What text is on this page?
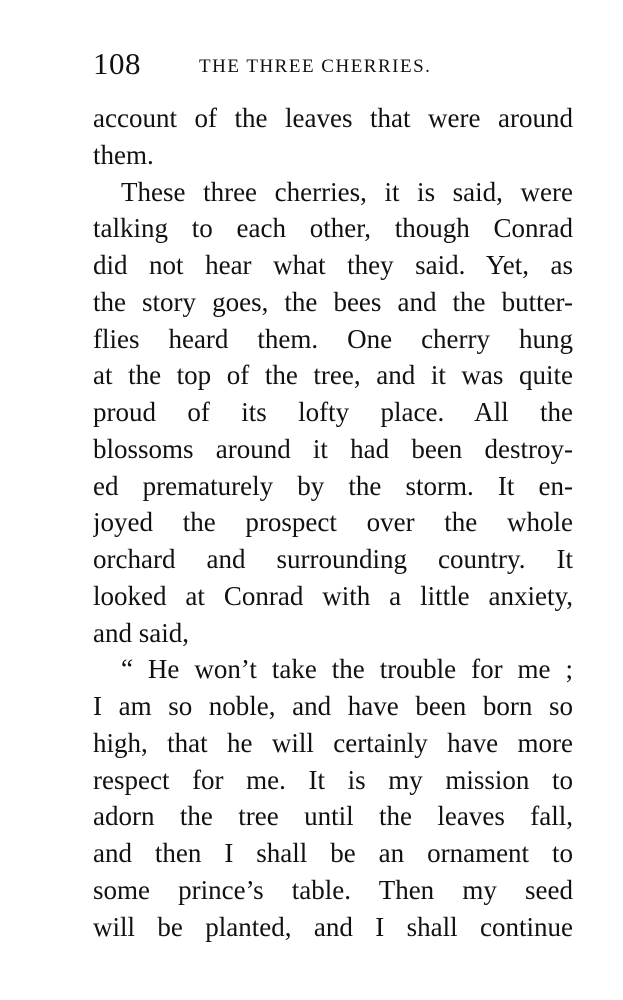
108	THE THREE CHERRIES.
account of the leaves that were around
them.
These three cherries, it is said, were
talking to each other, though Conrad
did not hear what they said. Yet, as
the story goes, the bees and the butter-
flies heard them. One cherry hung
at the top of the tree, and it was quite
proud of its lofty place. All the
blossoms around it had been destroy-
ed prematurely by the storm. It en-
joyed the prospect over the whole
orchard and surrounding country. It
looked at Conrad with a little anxiety,
and said,
“ He won’t take the trouble for me ;
I am so noble, and have been born so
high, that he will certainly have more
respect for me. It is my mission to
adorn the tree until the leaves fall,
and then I shall be an ornament to
some prince’s table. Then my seed
will be planted, and I shall continue
